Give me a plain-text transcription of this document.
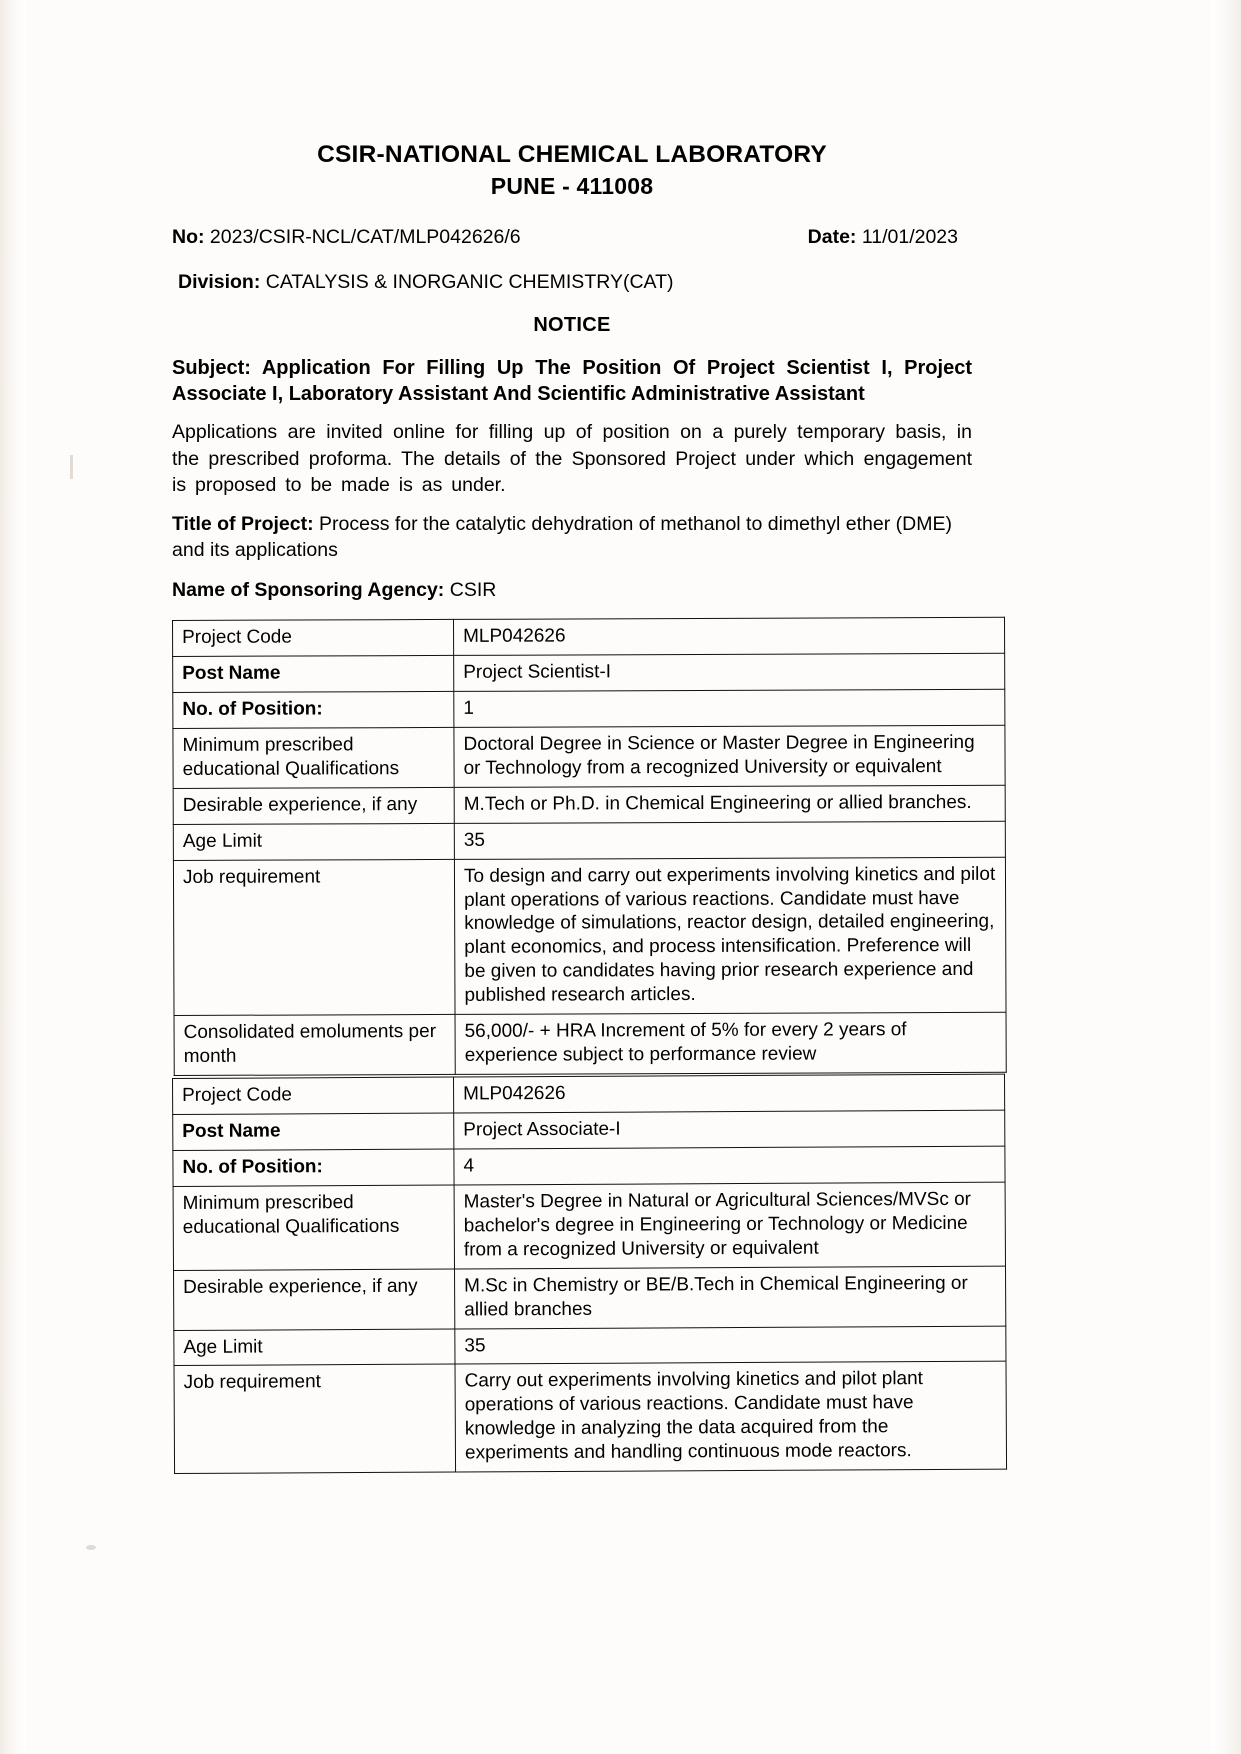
CSIR-NATIONAL CHEMICAL LABORATORY
PUNE - 411008
No: 2023/CSIR-NCL/CAT/MLP042626/6	Date: 11/01/2023
Division: CATALYSIS & INORGANIC CHEMISTRY(CAT)
NOTICE
Subject: Application For Filling Up The Position Of Project Scientist I, Project Associate I, Laboratory Assistant And Scientific Administrative Assistant
Applications are invited online for filling up of position on a purely temporary basis, in the prescribed proforma. The details of the Sponsored Project under which engagement is proposed to be made is as under.
Title of Project: Process for the catalytic dehydration of methanol to dimethyl ether (DME) and its applications
Name of Sponsoring Agency: CSIR
Project Code	MLP042626
Post Name	Project Scientist-I
No. of Position:	1
Minimum prescribed educational Qualifications	Doctoral Degree in Science or Master Degree in Engineering or Technology from a recognized University or equivalent
Desirable experience, if any	M.Tech or Ph.D. in Chemical Engineering or allied branches.
Age Limit	35
Job requirement	To design and carry out experiments involving kinetics and pilot plant operations of various reactions. Candidate must have knowledge of simulations, reactor design, detailed engineering, plant economics, and process intensification. Preference will be given to candidates having prior research experience and published research articles.
Consolidated emoluments per month	56,000/- + HRA Increment of 5% for every 2 years of experience subject to performance review
Project Code	MLP042626
Post Name	Project Associate-I
No. of Position:	4
Minimum prescribed educational Qualifications	Master's Degree in Natural or Agricultural Sciences/MVSc or bachelor's degree in Engineering or Technology or Medicine from a recognized University or equivalent
Desirable experience, if any	M.Sc in Chemistry or BE/B.Tech in Chemical Engineering or allied branches
Age Limit	35
Job requirement	Carry out experiments involving kinetics and pilot plant operations of various reactions. Candidate must have knowledge in analyzing the data acquired from the experiments and handling continuous mode reactors.
